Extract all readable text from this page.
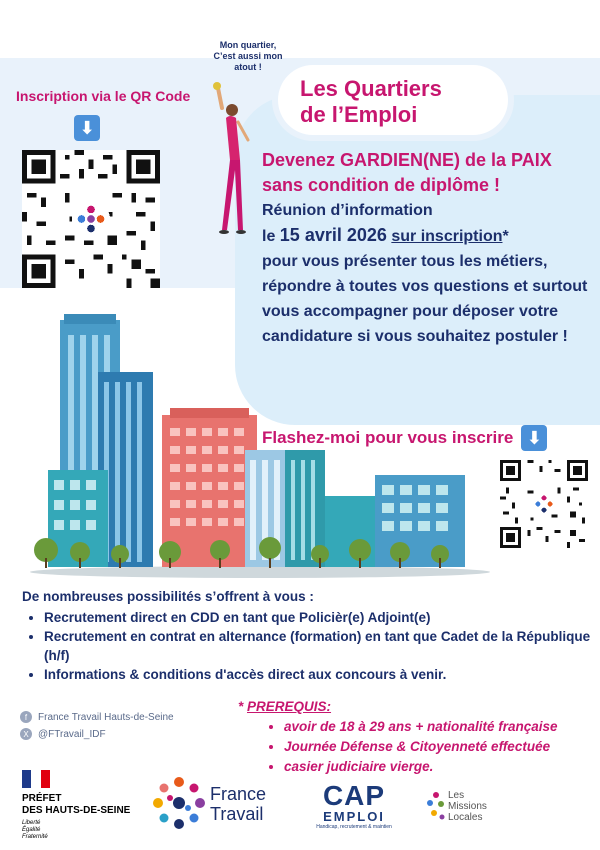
Les Quartiers
de l’Emploi
Mon quartier, C’est aussi mon atout !
Inscription via le QR Code
⬇
Devenez GARDIEN(NE) de la PAIX
sans condition de diplôme !
Réunion d’information
le 15 avril 2026 sur inscription*
pour vous présenter tous les métiers, répondre à toutes vos questions et surtout vous accompagner pour déposer votre candidature si vous souhaitez postuler !
Flashez-moi pour vous inscrire ⬇
De nombreuses possibilités s’offrent à vous :
• Recrutement direct en CDD en tant que Policièr(e) Adjoint(e)
• Recrutement en contrat en alternance (formation) en tant que Cadet de la République (h/f)
• Informations & conditions d'accès direct aux concours à venir.
* PREREQUIS:
• avoir de 18 à 29 ans + nationalité française
• Journée Défense & Citoyenneté effectuée
• casier judiciaire vierge.
f	France Travail Hauts-de-Seine
X @FTravail_IDF
PRÉFET
DES HAUTS-DE-SEINE
Liberté
Égalité
Fraternité
France
Travail
CAP
EMPLOI
Handicap, recrutement & maintien
Les
Missions
Locales
